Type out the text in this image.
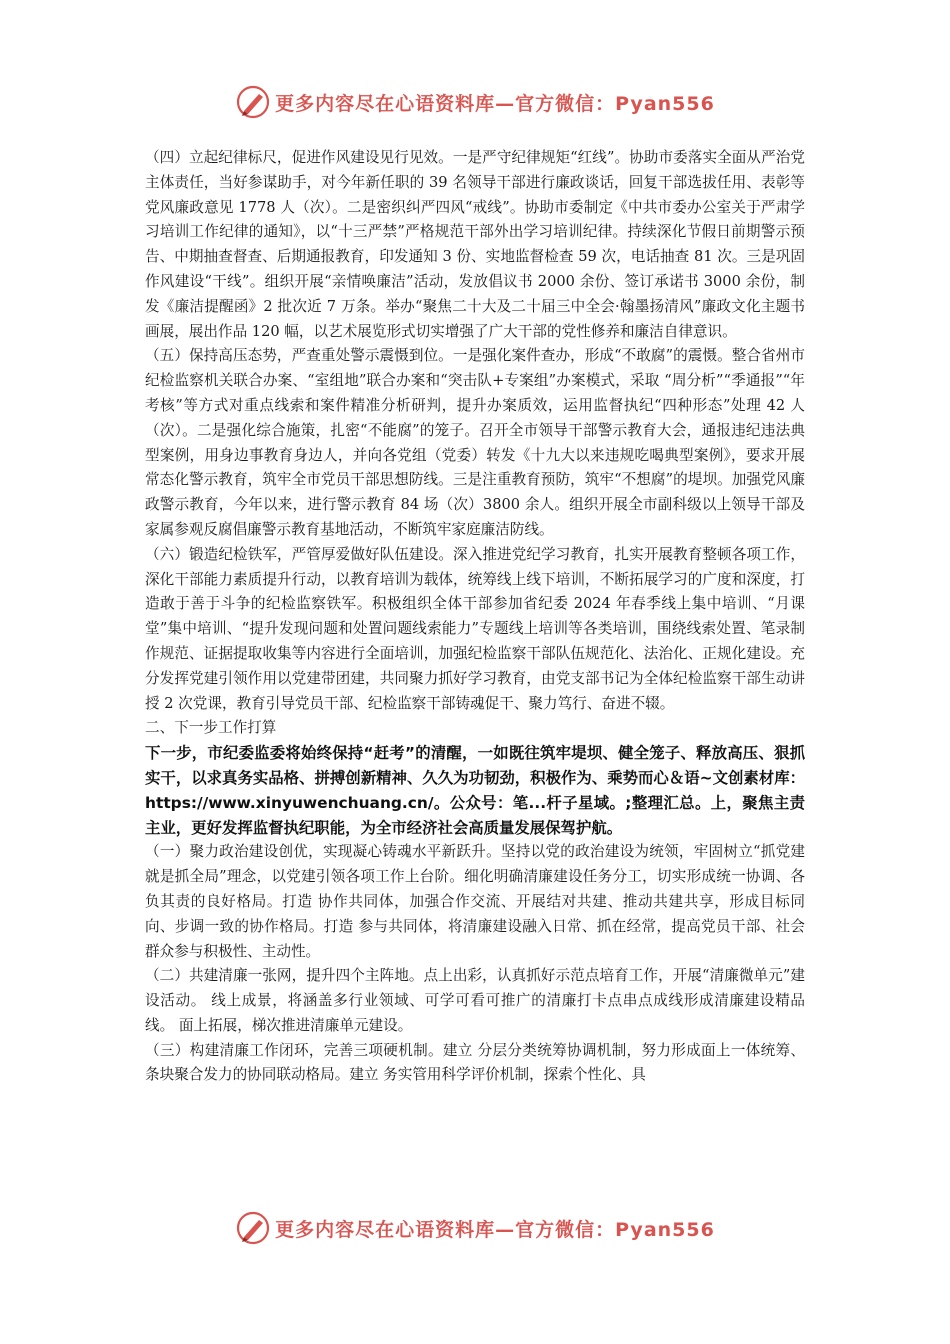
更多内容尽在心语资料库—官方微信：Pyan556

（四）立起纪律标尺，促进作风建设见行见效。一是严守纪律规矩“红线”。协助市委落实全面从严治党主体责任，当好参谋助手，对今年新任职的 39 名领导干部进行廉政谈话，回复干部选拔任用、表彰等党风廉政意见 1778 人（次）。二是密织纠严四风“戒线”。协助市委制定《中共市委办公室关于严肃学习培训工作纪律的通知》，以“十三严禁”严格规范干部外出学习培训纪律。持续深化节假日前期警示预告、中期抽查督查、后期通报教育，印发通知 3 份、实地监督检查 59 次，电话抽查 81 次。三是巩固作风建设“干线”。组织开展“亲情唤廉洁”活动，发放倡议书 2000 余份、签订承诺书 3000 余份，制发《廉洁提醒函》2 批次近 7 万条。举办“聚焦二十大及二十届三中全会·翰墨扬清风”廉政文化主题书画展，展出作品 120 幅，以艺术展览形式切实增强了广大干部的党性修养和廉洁自律意识。

（五）保持高压态势，严查重处警示震慑到位。一是强化案件查办，形成“不敢腐”的震慑。整合省州市纪检监察机关联合办案、“室组地”联合办案和“突击队+专案组”办案模式，采取 “周分析”“季通报”“年考核”等方式对重点线索和案件精准分析研判，提升办案质效，运用监督执纪“四种形态”处理 42 人（次）。二是强化综合施策，扎密“不能腐”的笼子。召开全市领导干部警示教育大会，通报违纪违法典型案例，用身边事教育身边人，并向各党组（党委）转发《十九大以来违规吃喝典型案例》，要求开展常态化警示教育，筑牢全市党员干部思想防线。三是注重教育预防，筑牢“不想腐”的堤坝。加强党风廉政警示教育，今年以来，进行警示教育 84 场（次）3800 余人。组织开展全市副科级以上领导干部及家属参观反腐倡廉警示教育基地活动，不断筑牢家庭廉洁防线。

（六）锻造纪检铁军，严管厚爱做好队伍建设。深入推进党纪学习教育，扎实开展教育整顿各项工作，深化干部能力素质提升行动，以教育培训为载体，统筹线上线下培训，不断拓展学习的广度和深度，打造敢于善于斗争的纪检监察铁军。积极组织全体干部参加省纪委 2024 年春季线上集中培训、“月课堂”集中培训、“提升发现问题和处置问题线索能力”专题线上培训等各类培训，围绕线索处置、笔录制作规范、证据提取收集等内容进行全面培训，加强纪检监察干部队伍规范化、法治化、正规化建设。充分发挥党建引领作用以党建带团建，共同聚力抓好学习教育，由党支部书记为全体纪检监察干部生动讲授 2 次党课，教育引导党员干部、纪检监察干部铸魂促干、聚力笃行、奋进不辍。

二、下一步工作打算

下一步，市纪委监委将始终保持“赶考”的清醒，一如既往筑牢堤坝、健全笼子、释放高压、狠抓实干，以求真务实品格、拼搏创新精神、久久为功韧劲，积极作为、乘势而心＆语~文创素材库：https://www.xinyuwenchuang.cn/。公众号：笔...杆子星域。;整理汇总。上，聚焦主责主业，更好发挥监督执纪职能，为全市经济社会高质量发展保驾护航。

（一）聚力政治建设创优，实现凝心铸魂水平新跃升。坚持以党的政治建设为统领，牢固树立“抓党建就是抓全局”理念，以党建引领各项工作上台阶。细化明确清廉建设任务分工，切实形成统一协调、各负其责的良好格局。打造 协作共同体，加强合作交流、开展结对共建、推动共建共享，形成目标同向、步调一致的协作格局。打造 参与共同体，将清廉建设融入日常、抓在经常，提高党员干部、社会群众参与积极性、主动性。

（二）共建清廉一张网，提升四个主阵地。点上出彩，认真抓好示范点培育工作，开展“清廉微单元”建设活动。 线上成景，将涵盖多行业领域、可学可看可推广的清廉打卡点串点成线形成清廉建设精品线。 面上拓展，梯次推进清廉单元建设。

（三）构建清廉工作闭环，完善三项硬机制。建立 分层分类统筹协调机制，努力形成面上一体统筹、条块聚合发力的协同联动格局。建立 务实管用科学评价机制，探索个性化、具

更多内容尽在心语资料库—官方微信：Pyan556
